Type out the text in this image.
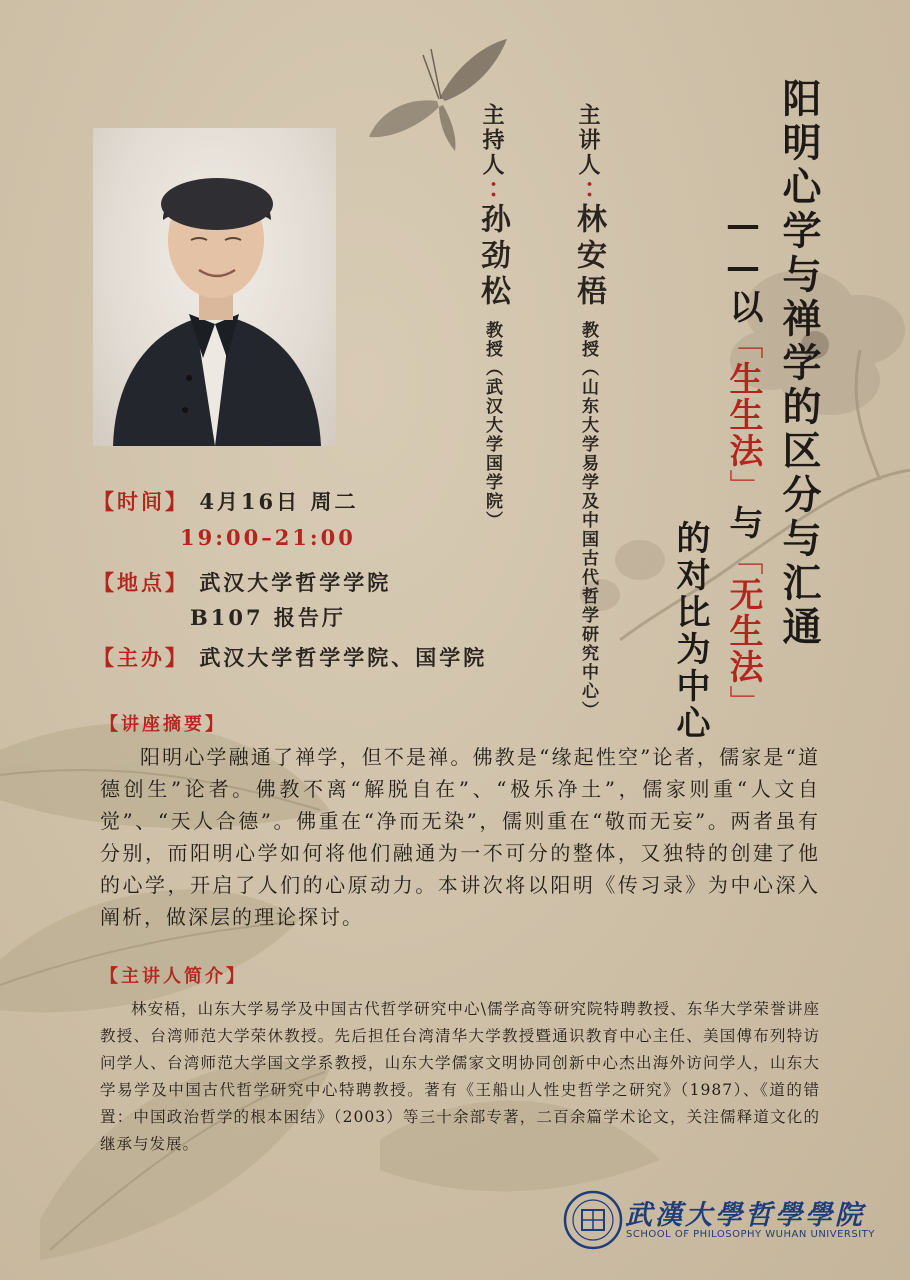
阳明心学与禅学的区分与汇通
——以「生生法」与「无生法」
的对比为中心
主讲人∶林安梧教授（山东大学易学及中国古代哲学研究中心）
主持人∶孙劲松教授（武汉大学国学院）
【时间】 4月16日 周二
19:00–21:00
【地点】 武汉大学哲学学院
B107 报告厅
【主办】 武汉大学哲学学院、国学院
【讲座摘要】

阳明心学融通了禅学，但不是禅。佛教是“缘起性空”论者，儒家是“道德创生”论者。佛教不离“解脱自在”、“极乐净土”，儒家则重“人文自觉”、“天人合德”。佛重在“净而无染”，儒则重在“敬而无妄”。两者虽有分别，而阳明心学如何将他们融通为一不可分的整体，又独特的创建了他的心学，开启了人们的心原动力。本讲次将以阳明《传习录》为中心深入阐析，做深层的理论探讨。

【主讲人简介】

林安梧，山东大学易学及中国古代哲学研究中心\儒学高等研究院特聘教授、东华大学荣誉讲座教授、台湾师范大学荣休教授。先后担任台湾清华大学教授暨通识教育中心主任、美国傅布列特访问学人、台湾师范大学国文学系教授，山东大学儒家文明协同创新中心杰出海外访问学人，山东大学易学及中国古代哲学研究中心特聘教授。著有《王船山人性史哲学之研究》（1987）、《道的错置：中国政治哲学的根本困结》（2003）等三十余部专著，二百余篇学术论文，关注儒释道文化的继承与发展。

武漢大學哲學學院
SCHOOL OF PHILOSOPHY WUHAN UNIVERSITY
